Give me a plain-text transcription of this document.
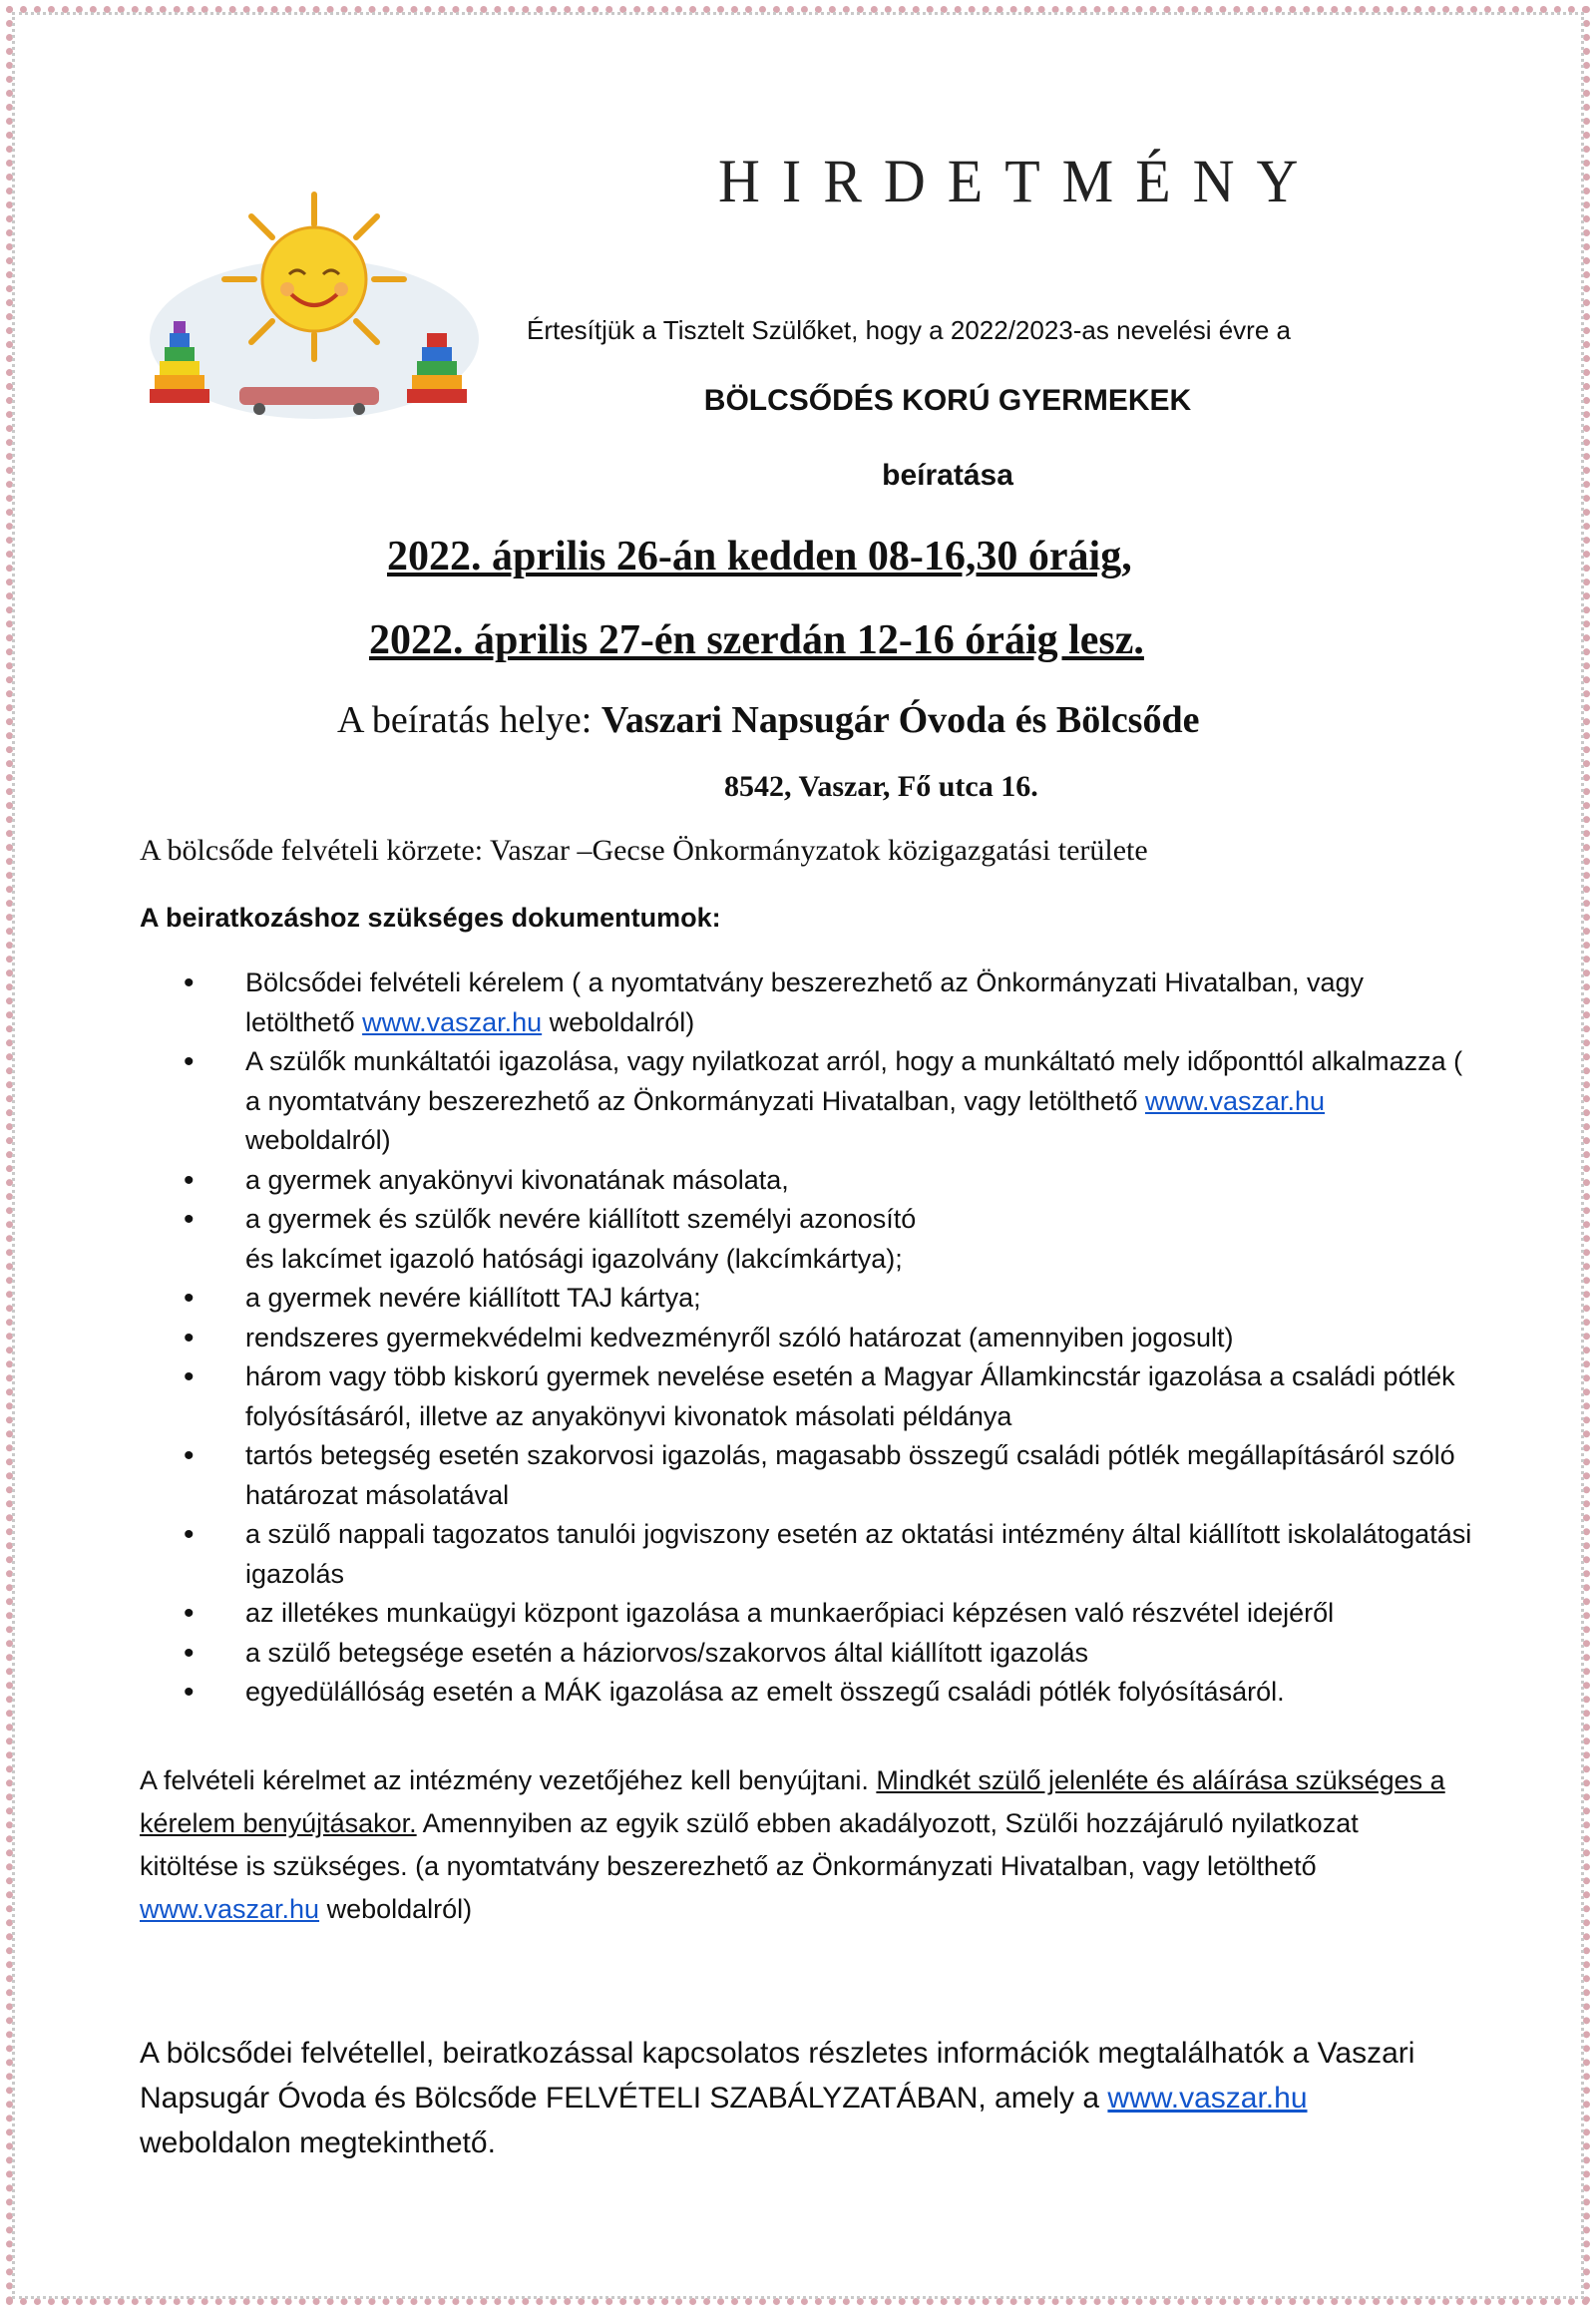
HIRDETMÉNY
Értesítjük a Tisztelt Szülőket, hogy a 2022/2023-as nevelési évre a
BÖLCSŐDÉS KORÚ GYERMEKEK
beíratása
2022. április 26-án kedden 08-16,30 óráig,
2022. április 27-én szerdán 12-16 óráig lesz.
A beíratás helye: Vaszari Napsugár Óvoda és Bölcsőde
8542, Vaszar, Fő utca 16.
A bölcsőde felvételi körzete: Vaszar –Gecse Önkormányzatok közigazgatási területe
A beiratkozáshoz szükséges dokumentumok:
• Bölcsődei felvételi kérelem ( a nyomtatvány beszerezhető az Önkormányzati Hivatalban, vagy letölthető www.vaszar.hu weboldalról)
• A szülők munkáltatói igazolása, vagy nyilatkozat arról, hogy a munkáltató mely időponttól alkalmazza ( a nyomtatvány beszerezhető az Önkormányzati Hivatalban, vagy letölthető www.vaszar.hu weboldalról)
• a gyermek anyakönyvi kivonatának másolata,
• a gyermek és szülők nevére kiállított személyi azonosító
és lakcímet igazoló hatósági igazolvány (lakcímkártya);
• a gyermek nevére kiállított TAJ kártya;
• rendszeres gyermekvédelmi kedvezményről szóló határozat (amennyiben jogosult)
• három vagy több kiskorú gyermek nevelése esetén a Magyar Államkincstár igazolása a családi pótlék folyósításáról, illetve az anyakönyvi kivonatok másolati példánya
• tartós betegség esetén szakorvosi igazolás, magasabb összegű családi pótlék megállapításáról szóló határozat másolatával
• a szülő nappali tagozatos tanulói jogviszony esetén az oktatási intézmény által kiállított iskolalátogatási igazolás
• az illetékes munkaügyi központ igazolása a munkaerőpiaci képzésen való részvétel idejéről
• a szülő betegsége esetén a háziorvos/szakorvos által kiállított igazolás
• egyedülállóság esetén a MÁK igazolása az emelt összegű családi pótlék folyósításáról.
A felvételi kérelmet az intézmény vezetőjéhez kell benyújtani. Mindkét szülő jelenléte és aláírása szükséges a kérelem benyújtásakor. Amennyiben az egyik szülő ebben akadályozott, Szülői hozzájáruló nyilatkozat kitöltése is szükséges. (a nyomtatvány beszerezhető az Önkormányzati Hivatalban, vagy letölthető www.vaszar.hu weboldalról)
A bölcsődei felvétellel, beiratkozással kapcsolatos részletes információk megtalálhatók a Vaszari Napsugár Óvoda és Bölcsőde FELVÉTELI SZABÁLYZATÁBAN, amely a www.vaszar.hu weboldalon megtekinthető.
